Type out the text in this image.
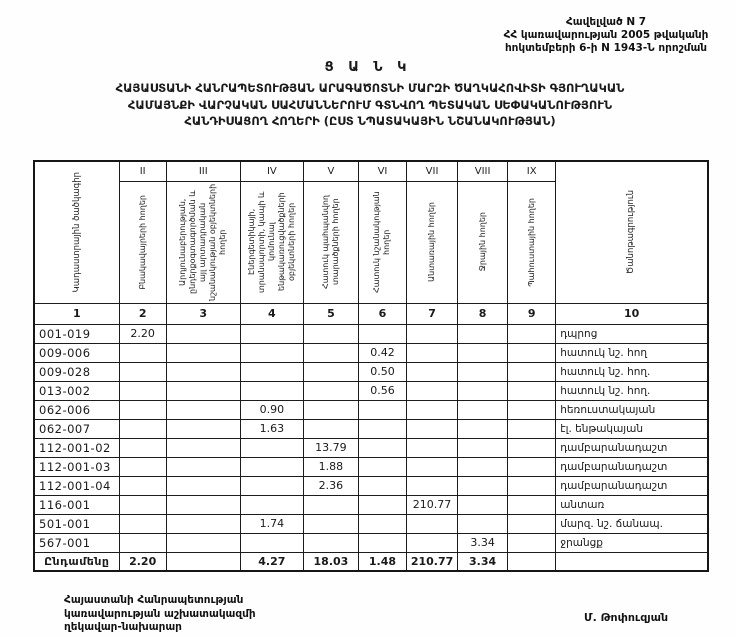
Հավելված N 7
ՀՀ կառավարության 2005 թվականի
հոկտեմբերի 6-ի N 1943-Ն որոշման
Ց Ա Ն Կ
ՀԱՅԱՍՏԱՆԻ ՀԱՆՐԱՊԵՏՈՒԹՅԱՆ ԱՐԱԳԱԾՈՏՆԻ ՄԱՐԶԻ ԾԱՂԿԱՀՈՎԻՏԻ ԳՅՈՒՂԱԿԱՆ
ՀԱՄԱՅՆՔԻ ՎԱՐՉԱԿԱՆ ՍԱՀՄԱՆՆԵՐՈՒՄ ԳՏՆՎՈՂ ՊԵՏԱԿԱՆ ՍԵՓԱԿԱՆՈՒԹՅՈՒՆ
ՀԱՆԴԻՍԱՑՈՂ ՀՈՂԵՐԻ (ԸՍՏ ՆՊԱՏԱԿԱՅԻՆ ՆՇԱՆԱԿՈՒԹՅԱՆ)
Կադաստրային ծածկագիր	II	III	IV	V	VI	VII	VIII	IX	Ծանոթագրություն

	Բնակավայրերի հողեր	Արդյունաբերության, ընդերքօգտագործման և այլ արտադրական նշանակության օբյեկտների հողեր	Էներգետիկայի, տրանսպորտի, կապի և կոմունալ ենթակառուցվածքների օբյեկտների հողեր	Հատուկ պահպանվող տարածքների հողեր	Հատուկ նշանակության հողեր	Անտառային հողեր	Ջրային հողեր	Պահուստային հողեր	

1	2	3	4	5	6	7	8	9	10
001-019	2.20								դպրոց
009-006					0.42				հատուկ նշ. հող
009-028					0.50				հատուկ նշ. հող.
013-002					0.56				հատուկ նշ. հող.
062-006			0.90						հեռուստակայան
062-007			1.63						էլ. ենթակայան
112-001-02				13.79					դամբարանադաշտ
112-001-03				1.88					դամբարանադաշտ
112-001-04				2.36					դամբարանադաշտ
116-001						210.77			անտառ
501-001			1.74						մարզ. նշ. ճանապ.
567-001							3.34		ջրանցք
Ընդամենը	2.20		4.27	18.03	1.48	210.77	3.34		
Հայաստանի Հանրապետության
կառավարության աշխատակազմի
ղեկավար-նախարար
Մ. Թոփուզյան
